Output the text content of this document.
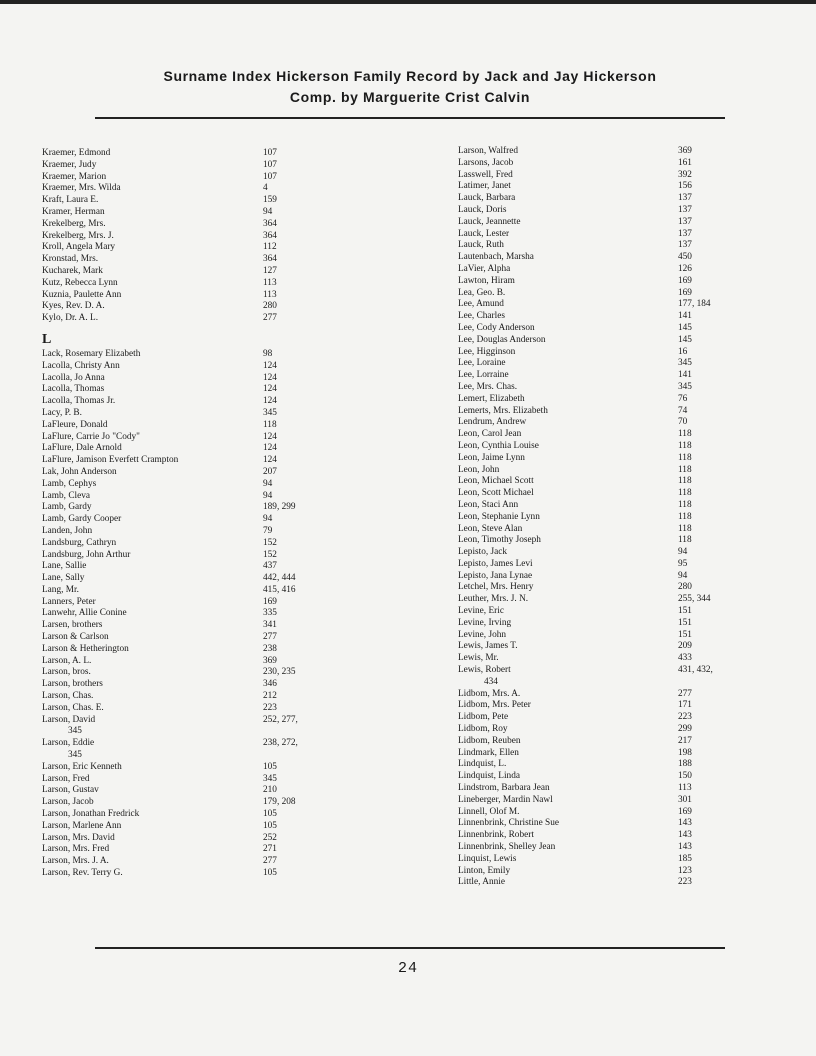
Surname Index Hickerson Family Record by Jack and Jay Hickerson
Comp. by Marguerite Crist Calvin
Kraemer, Edmond	107
Kraemer, Judy	107
Kraemer, Marion	107
Kraemer, Mrs. Wilda	4
Kraft, Laura E.	159
Kramer, Herman	94
Krekelberg, Mrs.	364
Krekelberg, Mrs. J.	364
Kroll, Angela Mary	112
Kronstad, Mrs.	364
Kucharek, Mark	127
Kutz, Rebecca Lynn	113
Kuznia, Paulette Ann	113
Kyes, Rev. D. A.	280
Kylo, Dr. A. L.	277
L
Lack, Rosemary Elizabeth	98
Lacolla, Christy Ann	124
Lacolla, Jo Anna	124
Lacolla, Thomas	124
Lacolla, Thomas Jr.	124
Lacy, P. B.	345
LaFleure, Donald	118
LaFlure, Carrie Jo "Cody"	124
LaFlure, Dale Arnold	124
LaFlure, Jamison Everfett Crampton	124
Lak, John Anderson	207
Lamb, Cephys	94
Lamb, Cleva	94
Lamb, Gardy	189, 299
Lamb, Gardy Cooper	94
Landen, John	79
Landsburg, Cathryn	152
Landsburg, John Arthur	152
Lane, Sallie	437
Lane, Sally	442, 444
Lang, Mr.	415, 416
Lanners, Peter	169
Lanwehr, Allie Conine	335
Larsen, brothers	341
Larson & Carlson	277
Larson & Hetherington	238
Larson, A. L.	369
Larson, bros.	230, 235
Larson, brothers	346
Larson, Chas.	212
Larson, Chas. E.	223
Larson, David	252, 277,
345
Larson, Eddie	238, 272,
345
Larson, Eric Kenneth	105
Larson, Fred	345
Larson, Gustav	210
Larson, Jacob	179, 208
Larson, Jonathan Fredrick	105
Larson, Marlene Ann	105
Larson, Mrs. David	252
Larson, Mrs. Fred	271
Larson, Mrs. J. A.	277
Larson, Rev. Terry G.	105
Larson, Walfred	369
Larsons, Jacob	161
Lasswell, Fred	392
Latimer, Janet	156
Lauck, Barbara	137
Lauck, Doris	137
Lauck, Jeannette	137
Lauck, Lester	137
Lauck, Ruth	137
Lautenbach, Marsha	450
LaVier, Alpha	126
Lawton, Hiram	169
Lea, Geo. B.	169
Lee, Amund	177, 184
Lee, Charles	141
Lee, Cody Anderson	145
Lee, Douglas Anderson	145
Lee, Higginson	16
Lee, Loraine	345
Lee, Lorraine	141
Lee, Mrs. Chas.	345
Lemert, Elizabeth	76
Lemerts, Mrs. Elizabeth	74
Lendrum, Andrew	70
Leon, Carol Jean	118
Leon, Cynthia Louise	118
Leon, Jaime Lynn	118
Leon, John	118
Leon, Michael Scott	118
Leon, Scott Michael	118
Leon, Staci Ann	118
Leon, Stephanie Lynn	118
Leon, Steve Alan	118
Leon, Timothy Joseph	118
Lepisto, Jack	94
Lepisto, James Levi	95
Lepisto, Jana Lynae	94
Letchel, Mrs. Henry	280
Leuther, Mrs. J. N.	255, 344
Levine, Eric	151
Levine, Irving	151
Levine, John	151
Lewis, James T.	209
Lewis, Mr.	433
Lewis, Robert	431, 432,
434
Lidbom, Mrs. A.	277
Lidbom, Mrs. Peter	171
Lidbom, Pete	223
Lidbom, Roy	299
Lidbom, Reuben	217
Lindmark, Ellen	198
Lindquist, L.	188
Lindquist, Linda	150
Lindstrom, Barbara Jean	113
Lineberger, Mardin Nawl	301
Linnell, Olof M.	169
Linnenbrink, Christine Sue	143
Linnenbrink, Robert	143
Linnenbrink, Shelley Jean	143
Linquist, Lewis	185
Linton, Emily	123
Little, Annie	223
24
